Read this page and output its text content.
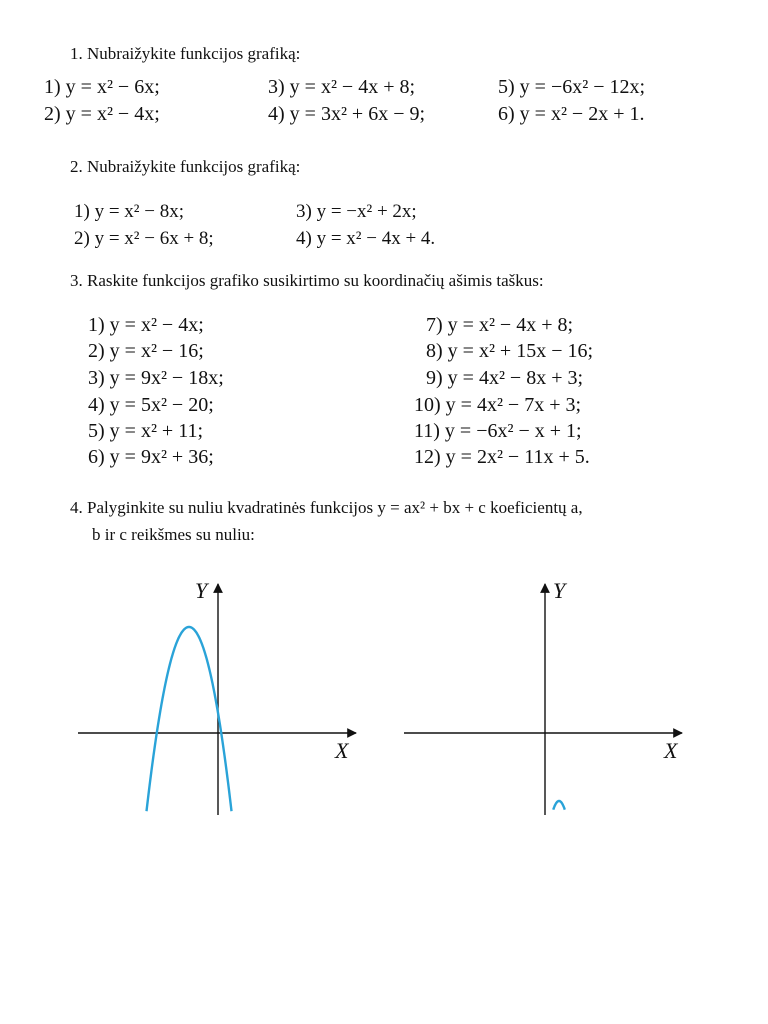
1. Nubraižykite funkcijos grafiką:
1) y = x² − 6x;	3) y = x² − 4x + 8;	5) y = −6x² − 12x;
2) y = x² − 4x;	4) y = 3x² + 6x − 9;	6) y = x² − 2x + 1.
2. Nubraižykite funkcijos grafiką:
1) y = x² − 8x;	3) y = −x² + 2x;
2) y = x² − 6x + 8;	4) y = x² − 4x + 4.
3. Raskite funkcijos grafiko susikirtimo su koordinačių ašimis taškus:
1) y = x² − 4x;	7) y = x² − 4x + 8;
2) y = x² − 16;	8) y = x² + 15x − 16;
3) y = 9x² − 18x;	9) y = 4x² − 8x + 3;
4) y = 5x² − 20;	10) y = 4x² − 7x + 3;
5) y = x² + 11;	11) y = −6x² − x + 1;
6) y = 9x² + 36;	12) y = 2x² − 11x + 5.
4. Palyginkite su nuliu kvadratinės funkcijos y = ax² + bx + c koeficientų a,
b ir c reikšmes su nuliu:
Y
X
Y
X
